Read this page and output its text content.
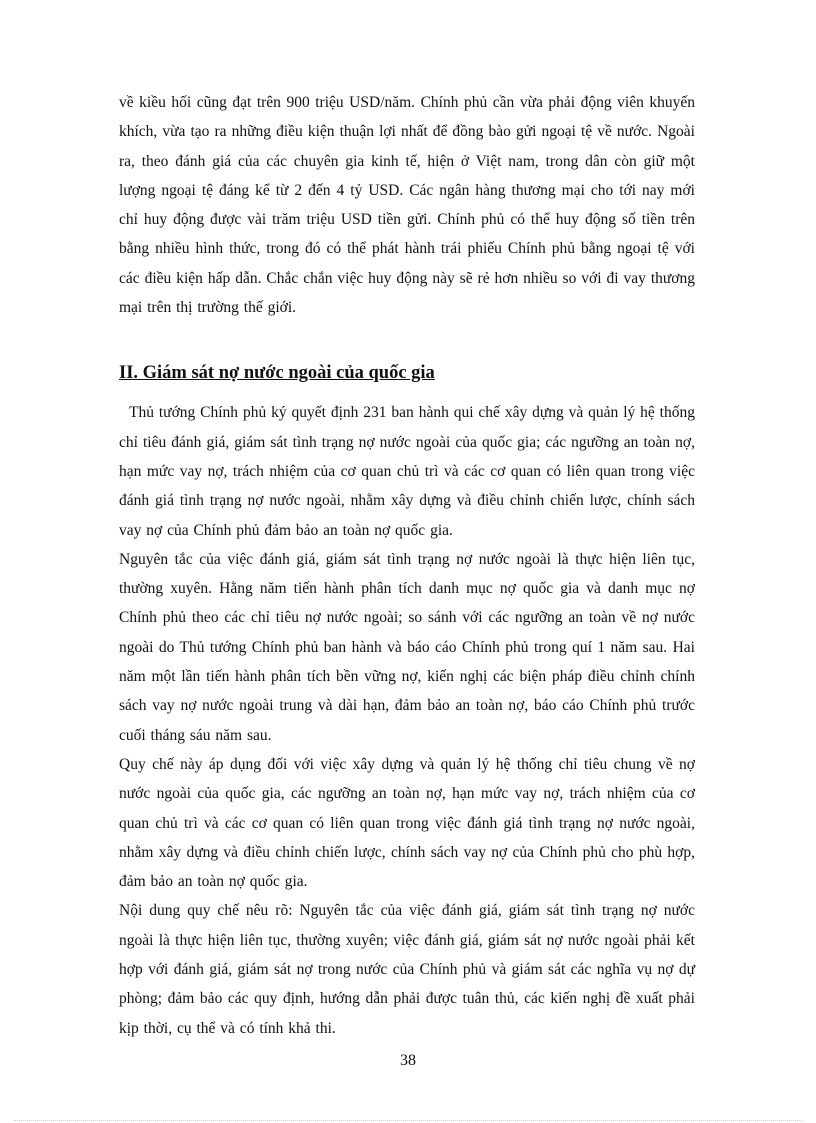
về kiều hối cũng đạt trên 900 triệu USD/năm. Chính phủ cần vừa phải động viên khuyến khích, vừa tạo ra những điều kiện thuận lợi nhất để đồng bào gửi ngoại tệ về nước. Ngoài ra, theo đánh giá của các chuyên gia kinh tế, hiện ở Việt nam, trong dân còn giữ một lượng ngoại tệ đáng kể từ 2 đến 4 tỷ USD. Các ngân hàng thương mại cho tới nay mới chỉ huy động được vài trăm triệu USD tiền gửi. Chính phủ có thể huy động số tiền trên bằng nhiều hình thức, trong đó có thể phát hành trái phiếu Chính phủ bằng ngoại tệ với các điều kiện hấp dẫn. Chắc chắn việc huy động này sẽ rẻ hơn nhiều so với đi vay thương mại trên thị trường thế giới.

II. Giám sát nợ nước ngoài của quốc gia

Thủ tướng Chính phủ ký quyết định 231 ban hành qui chế xây dựng và quản lý hệ thống chỉ tiêu đánh giá, giám sát tình trạng nợ nước ngoài của quốc gia; các ngưỡng an toàn nợ, hạn mức vay nợ, trách nhiệm của cơ quan chủ trì và các cơ quan có liên quan trong việc đánh giá tình trạng nợ nước ngoài, nhằm xây dựng và điều chỉnh chiến lược, chính sách vay nợ của Chính phủ đảm bảo an toàn nợ quốc gia.

Nguyên tắc của việc đánh giá, giám sát tình trạng nợ nước ngoài là thực hiện liên tục, thường xuyên. Hằng năm tiến hành phân tích danh mục nợ quốc gia và danh mục nợ Chính phủ theo các chỉ tiêu nợ nước ngoài; so sánh với các ngưỡng an toàn về nợ nước ngoài do Thủ tướng Chính phủ ban hành và báo cáo Chính phủ trong quí 1 năm sau. Hai năm một lần tiến hành phân tích bền vững nợ, kiến nghị các biện pháp điều chỉnh chính sách vay nợ nước ngoài trung và dài hạn, đảm bảo an toàn nợ, báo cáo Chính phủ trước cuối tháng sáu năm sau.

Quy chế này áp dụng đối với việc xây dựng và quản lý hệ thống chỉ tiêu chung về nợ nước ngoài của quốc gia, các ngưỡng an toàn nợ, hạn mức vay nợ, trách nhiệm của cơ quan chủ trì và các cơ quan có liên quan trong việc đánh giá tình trạng nợ nước ngoài, nhằm xây dựng và điều chỉnh chiến lược, chính sách vay nợ của Chính phủ cho phù hợp, đảm bảo an toàn nợ quốc gia.

Nội dung quy chế nêu rõ: Nguyên tắc của việc đánh giá, giám sát tình trạng nợ nước ngoài là thực hiện liên tục, thường xuyên; việc đánh giá, giám sát nợ nước ngoài phải kết hợp với đánh giá, giám sát nợ trong nước của Chính phủ và giám sát các nghĩa vụ nợ dự phòng; đảm bảo các quy định, hướng dẫn phải được tuân thủ, các kiến nghị đề xuất phải kịp thời, cụ thể và có tính khả thi.

38
